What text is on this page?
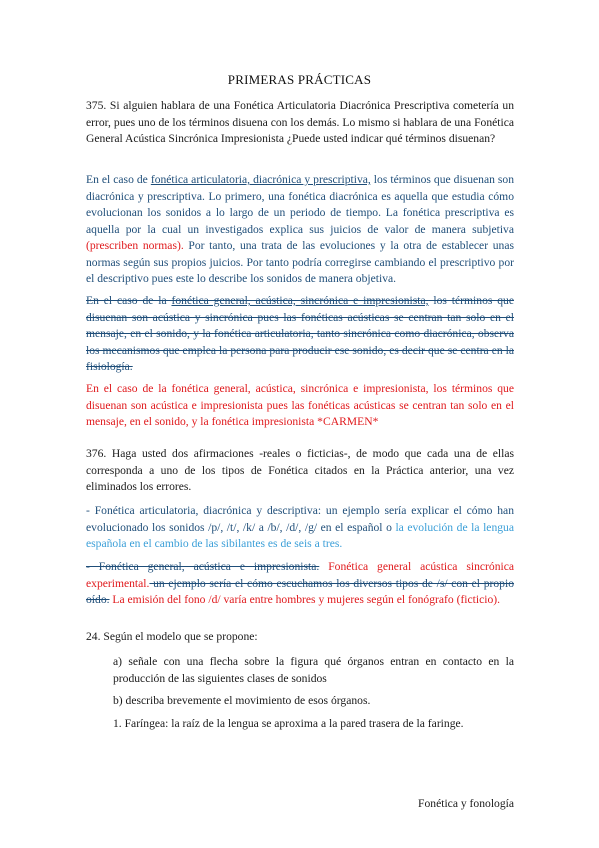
PRIMERAS PRÁCTICAS
375. Si alguien hablara de una Fonética Articulatoria Diacrónica Prescriptiva cometería un error, pues uno de los términos disuena con los demás. Lo mismo si hablara de una Fonética General Acústica Sincrónica Impresionista ¿Puede usted indicar qué términos disuenan?
En el caso de fonética articulatoria, diacrónica y prescriptiva, los términos que disuenan son diacrónica y prescriptiva. Lo primero, una fonética diacrónica es aquella que estudia cómo evolucionan los sonidos a lo largo de un periodo de tiempo. La fonética prescriptiva es aquella por la cual un investigados explica sus juicios de valor de manera subjetiva (prescriben normas). Por tanto, una trata de las evoluciones y la otra de establecer unas normas según sus propios juicios. Por tanto podría corregirse cambiando el prescriptivo por el descriptivo pues este lo describe los sonidos de manera objetiva.
En el caso de la fonética general, acústica, sincrónica e impresionista, los términos que disuenan son acústica y sincrónica pues las fonéticas acústicas se centran tan solo en el mensaje, en el sonido, y la fonética articulatoria, tanto sincrónica como diacrónica, observa los mecanismos que emplea la persona para producir ese sonido, es decir que se centra en la fisiología.
En el caso de la fonética general, acústica, sincrónica e impresionista, los términos que disuenan son acústica e impresionista pues las fonéticas acústicas se centran tan solo en el mensaje, en el sonido, y la fonética impresionista *CARMEN*
376. Haga usted dos afirmaciones -reales o ficticias-, de modo que cada una de ellas corresponda a uno de los tipos de Fonética citados en la Práctica anterior, una vez eliminados los errores.
- Fonética articulatoria, diacrónica y descriptiva: un ejemplo sería explicar el cómo han evolucionado los sonidos /p/, /t/, /k/ a /b/, /d/, /g/ en el español o la evolución de la lengua española en el cambio de las sibilantes es de seis a tres.
- Fonética general, acústica e impresionista. Fonética general acústica sincrónica experimental. un ejemplo sería el cómo escuchamos los diversos tipos de /s/ con el propio oído. La emisión del fono /d/ varía entre hombres y mujeres según el fonógrafo (ficticio).
24. Según el modelo que se propone:
a) señale con una flecha sobre la figura qué órganos entran en contacto en la producción de las siguientes clases de sonidos
b) describa brevemente el movimiento de esos órganos.
1. Faríngea: la raíz de la lengua se aproxima a la pared trasera de la faringe.
Fonética y fonología
